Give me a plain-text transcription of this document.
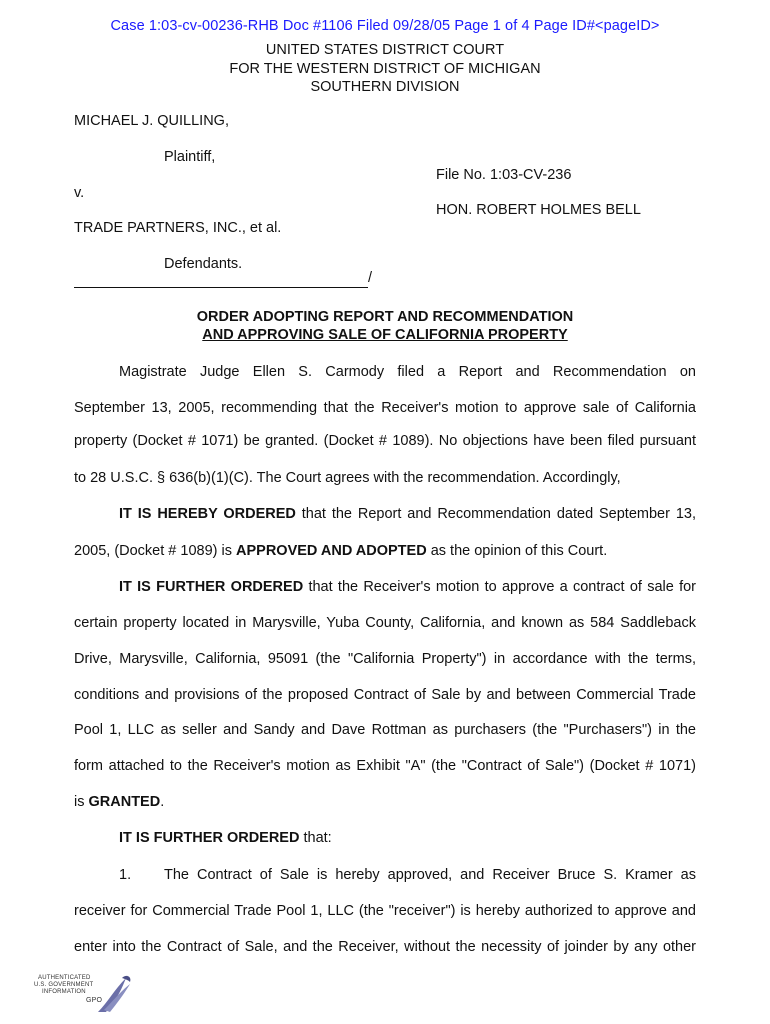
Case 1:03-cv-00236-RHB Doc #1106 Filed 09/28/05 Page 1 of 4 Page ID#<pageID>
UNITED STATES DISTRICT COURT
FOR THE WESTERN DISTRICT OF MICHIGAN
SOUTHERN DIVISION
MICHAEL J. QUILLING,
Plaintiff,
File No. 1:03-CV-236
v.
HON. ROBERT HOLMES BELL
TRADE PARTNERS, INC., et al.
Defendants.
/
ORDER ADOPTING REPORT AND RECOMMENDATION
AND APPROVING SALE OF CALIFORNIA PROPERTY
Magistrate Judge Ellen S. Carmody filed a Report and Recommendation on
September 13, 2005, recommending that the Receiver's motion to approve sale of California
property (Docket # 1071) be granted. (Docket # 1089). No objections have been filed pursuant
to 28 U.S.C. § 636(b)(1)(C). The Court agrees with the recommendation. Accordingly,
IT IS HEREBY ORDERED that the Report and Recommendation dated September 13,
2005, (Docket # 1089) is APPROVED AND ADOPTED as the opinion of this Court.
IT IS FURTHER ORDERED that the Receiver's motion to approve a contract of sale for
certain property located in Marysville, Yuba County, California, and known as 584 Saddleback
Drive, Marysville, California, 95091 (the "California Property") in accordance with the terms,
conditions and provisions of the proposed Contract of Sale by and between Commercial Trade
Pool 1, LLC as seller and Sandy and Dave Rottman as purchasers (the "Purchasers") in the
form attached to the Receiver's motion as Exhibit "A" (the "Contract of Sale") (Docket # 1071)
is GRANTED.
IT IS FURTHER ORDERED that:
1. The Contract of Sale is hereby approved, and Receiver Bruce S. Kramer as
receiver for Commercial Trade Pool 1, LLC (the "receiver") is hereby authorized to approve and
enter into the Contract of Sale, and the Receiver, without the necessity of joinder by any other
AUTHENTICATED
U.S. GOVERNMENT
INFORMATION
GPO
